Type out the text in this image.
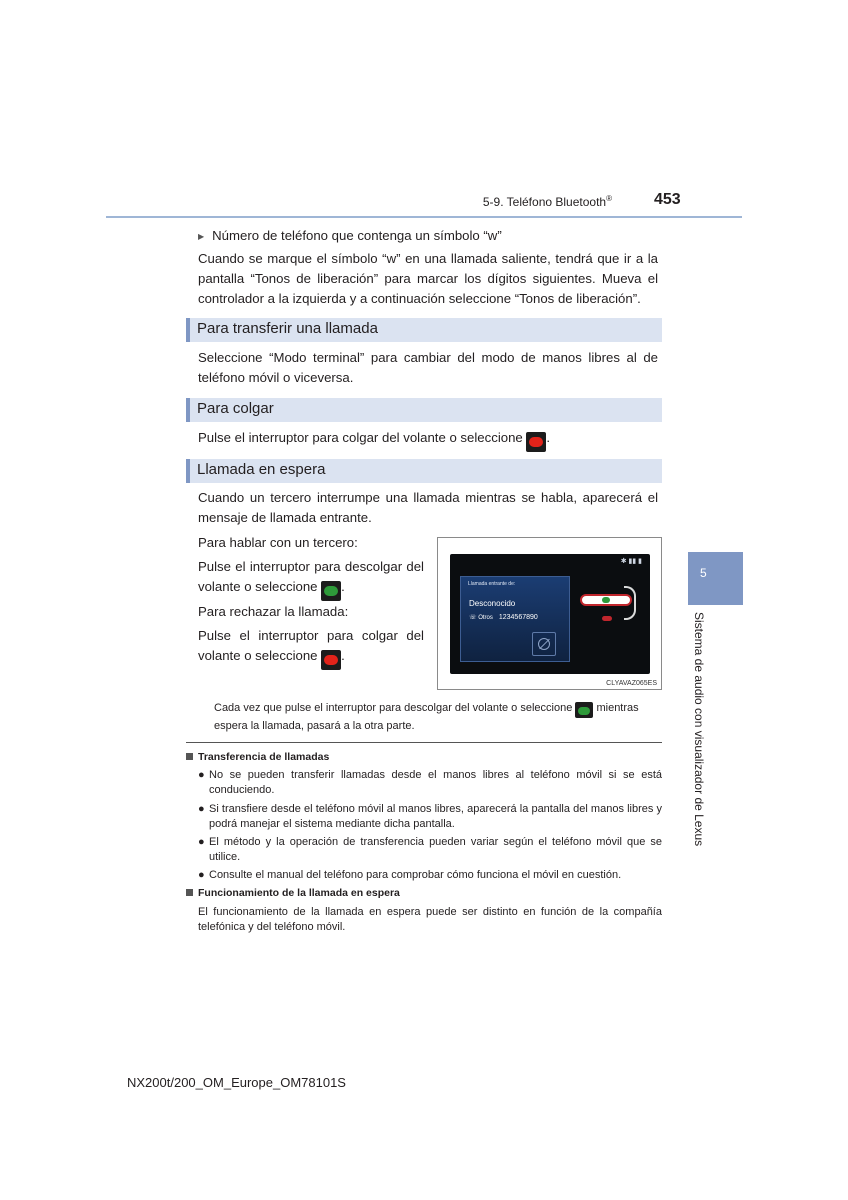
5-9. Teléfono Bluetooth®	453
▶ Número de teléfono que contenga un símbolo “w”
Cuando se marque el símbolo “w” en una llamada saliente, tendrá que ir a la pantalla “Tonos de liberación” para marcar los dígitos siguientes. Mueva el controlador a la izquierda y a continuación seleccione “Tonos de liberación”.
Para transferir una llamada
Seleccione “Modo terminal” para cambiar del modo de manos libres al de teléfono móvil o viceversa.
Para colgar
Pulse el interruptor para colgar del volante o seleccione .
Llamada en espera
Cuando un tercero interrumpe una llamada mientras se habla, aparecerá el mensaje de llamada entrante.
Para hablar con un tercero:
Pulse el interruptor para descolgar del volante o seleccione .
Para rechazar la llamada:
Pulse el interruptor para colgar del volante o seleccione .
✱ ▮▮ ▮
Llamada entrante de:
Desconocido
☏ Otros 1234567890
CLYAVAZ065ES
Cada vez que pulse el interruptor para descolgar del volante o seleccione mientras espera la llamada, pasará a la otra parte.
Transferencia de llamadas
● No se pueden transferir llamadas desde el manos libres al teléfono móvil si se está conduciendo.
● Si transfiere desde el teléfono móvil al manos libres, aparecerá la pantalla del manos libres y podrá manejar el sistema mediante dicha pantalla.
● El método y la operación de transferencia pueden variar según el teléfono móvil que se utilice.
● Consulte el manual del teléfono para comprobar cómo funciona el móvil en cuestión.
Funcionamiento de la llamada en espera
El funcionamiento de la llamada en espera puede ser distinto en función de la compañía telefónica y del teléfono móvil.
5
Sistema de audio con visualizador de Lexus
NX200t/200_OM_Europe_OM78101S
